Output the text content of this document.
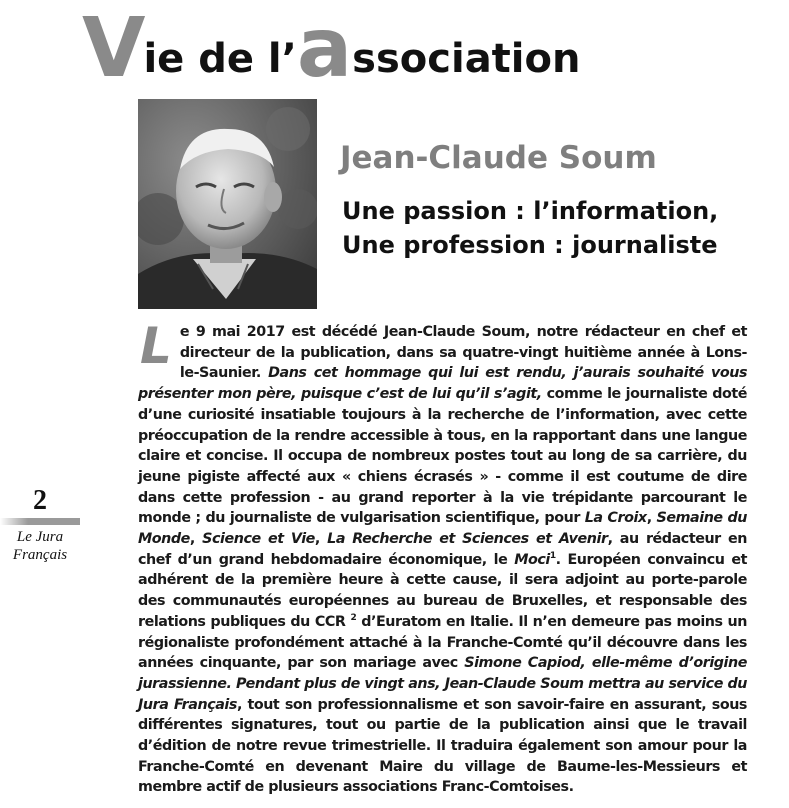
V ie de l’ a ssociation
Jean-Claude Soum
Une passion : l’information,
Une profession : journaliste
2
Le Jura
Français
Le 9 mai 2017 est décédé Jean-Claude Soum, notre rédacteur en chef et directeur de la publication, dans sa quatre-vingt huitième année à Lons-le-Saunier. Dans cet hommage qui lui est rendu, j’aurais souhaité vous présenter mon père, puisque c’est de lui qu’il s’agit, comme le journaliste doté d’une curiosité insatiable toujours à la recherche de l’information, avec cette préoccupation de la rendre accessible à tous, en la rapportant dans une langue claire et concise. Il occupa de nombreux postes tout au long de sa carrière, du jeune pigiste affecté aux « chiens écrasés » - comme il est coutume de dire dans cette profession - au grand reporter à la vie trépidante parcourant le monde ; du journaliste de vulgarisation scientifique, pour La Croix, Semaine du Monde, Science et Vie, La Recherche et Sciences et Avenir, au rédacteur en chef d’un grand hebdomadaire économique, le Moci$^1$. Européen convaincu et adhérent de la première heure à cette cause, il sera adjoint au porte-parole des communautés européennes au bureau de Bruxelles, et responsable des relations publiques du CCR $^2$ d’Euratom en Italie. Il n’en demeure pas moins un régionaliste profondément attaché à la Franche-Comté qu’il découvre dans les années cinquante, par son mariage avec Simone Capiod, elle-même d’origine jurassienne. Pendant plus de vingt ans, Jean-Claude Soum mettra au service du Jura Français, tout son professionnalisme et son savoir-faire en assurant, sous différentes signatures, tout ou partie de la publication ainsi que le travail d’édition de notre revue trimestrielle. Il traduira également son amour pour la Franche-Comté en devenant Maire du village de Baume-les-Messieurs et membre actif de plusieurs associations Franc-Comtoises.
